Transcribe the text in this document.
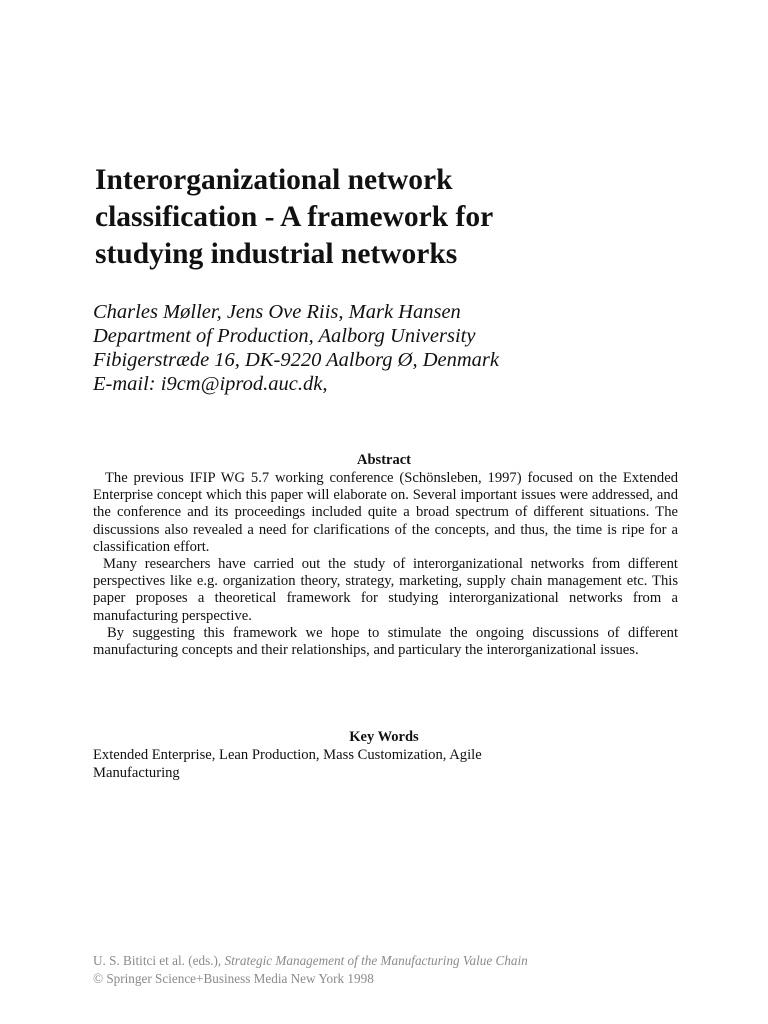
Interorganizational network
classification - A framework for
studying industrial networks
Charles Møller, Jens Ove Riis, Mark Hansen
Department of Production, Aalborg University
Fibigerstræde 16, DK-9220 Aalborg Ø, Denmark
E-mail: i9cm@iprod.auc.dk,
Abstract

The previous IFIP WG 5.7 working conference (Schönsleben, 1997) focused on the Extended Enterprise concept which this paper will elaborate on. Several important issues were addressed, and the conference and its proceedings included quite a broad spectrum of different situations. The discussions also revealed a need for clarifications of the concepts, and thus, the time is ripe for a classification effort.

Many researchers have carried out the study of interorganizational networks from different perspectives like e.g. organization theory, strategy, marketing, supply chain management etc. This paper proposes a theoretical framework for studying interorganizational networks from a manufacturing perspective.

By suggesting this framework we hope to stimulate the ongoing discussions of different manufacturing concepts and their relationships, and particulary the interorganizational issues.

Key Words
Extended Enterprise, Lean Production, Mass Customization, Agile
Manufacturing
U. S. Bititci et al. (eds.), Strategic Management of the Manufacturing Value Chain
© Springer Science+Business Media New York 1998
